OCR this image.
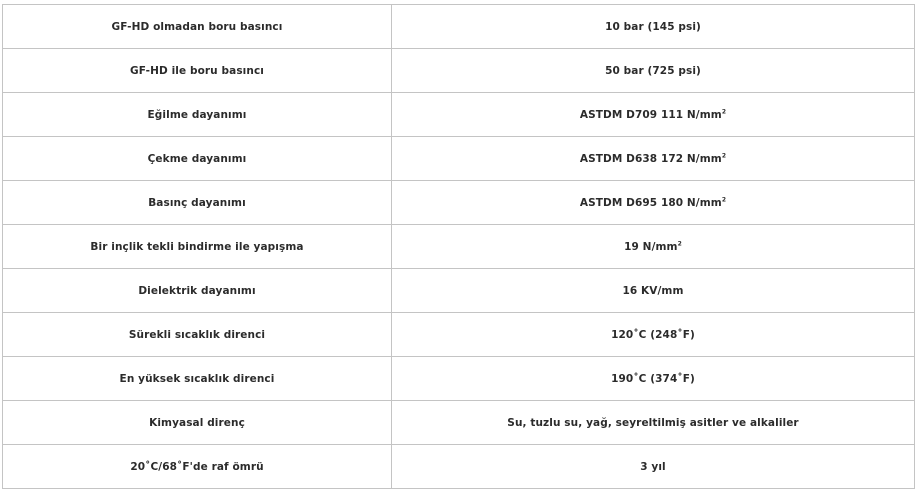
GF-HD olmadan boru basıncı	10 bar (145 psi)
GF-HD ile boru basıncı	50 bar (725 psi)
Eğilme dayanımı	ASTDM D709 111 $N/mm^2$
Çekme dayanımı	ASTDM D638 172 $N/mm^2$
Basınç dayanımı	ASTDM D695 180 $N/mm^2$
Bir inçlik tekli bindirme ile yapışma	19 $N/mm^2$
Dielektrik dayanımı	16 KV/mm
Sürekli sıcaklık direnci	120˚C (248˚F)
En yüksek sıcaklık direnci	190˚C (374˚F)
Kimyasal direnç	Su, tuzlu su, yağ, seyreltilmiş asitler ve alkaliler
20˚C/68˚F'de raf ömrü	3 yıl
